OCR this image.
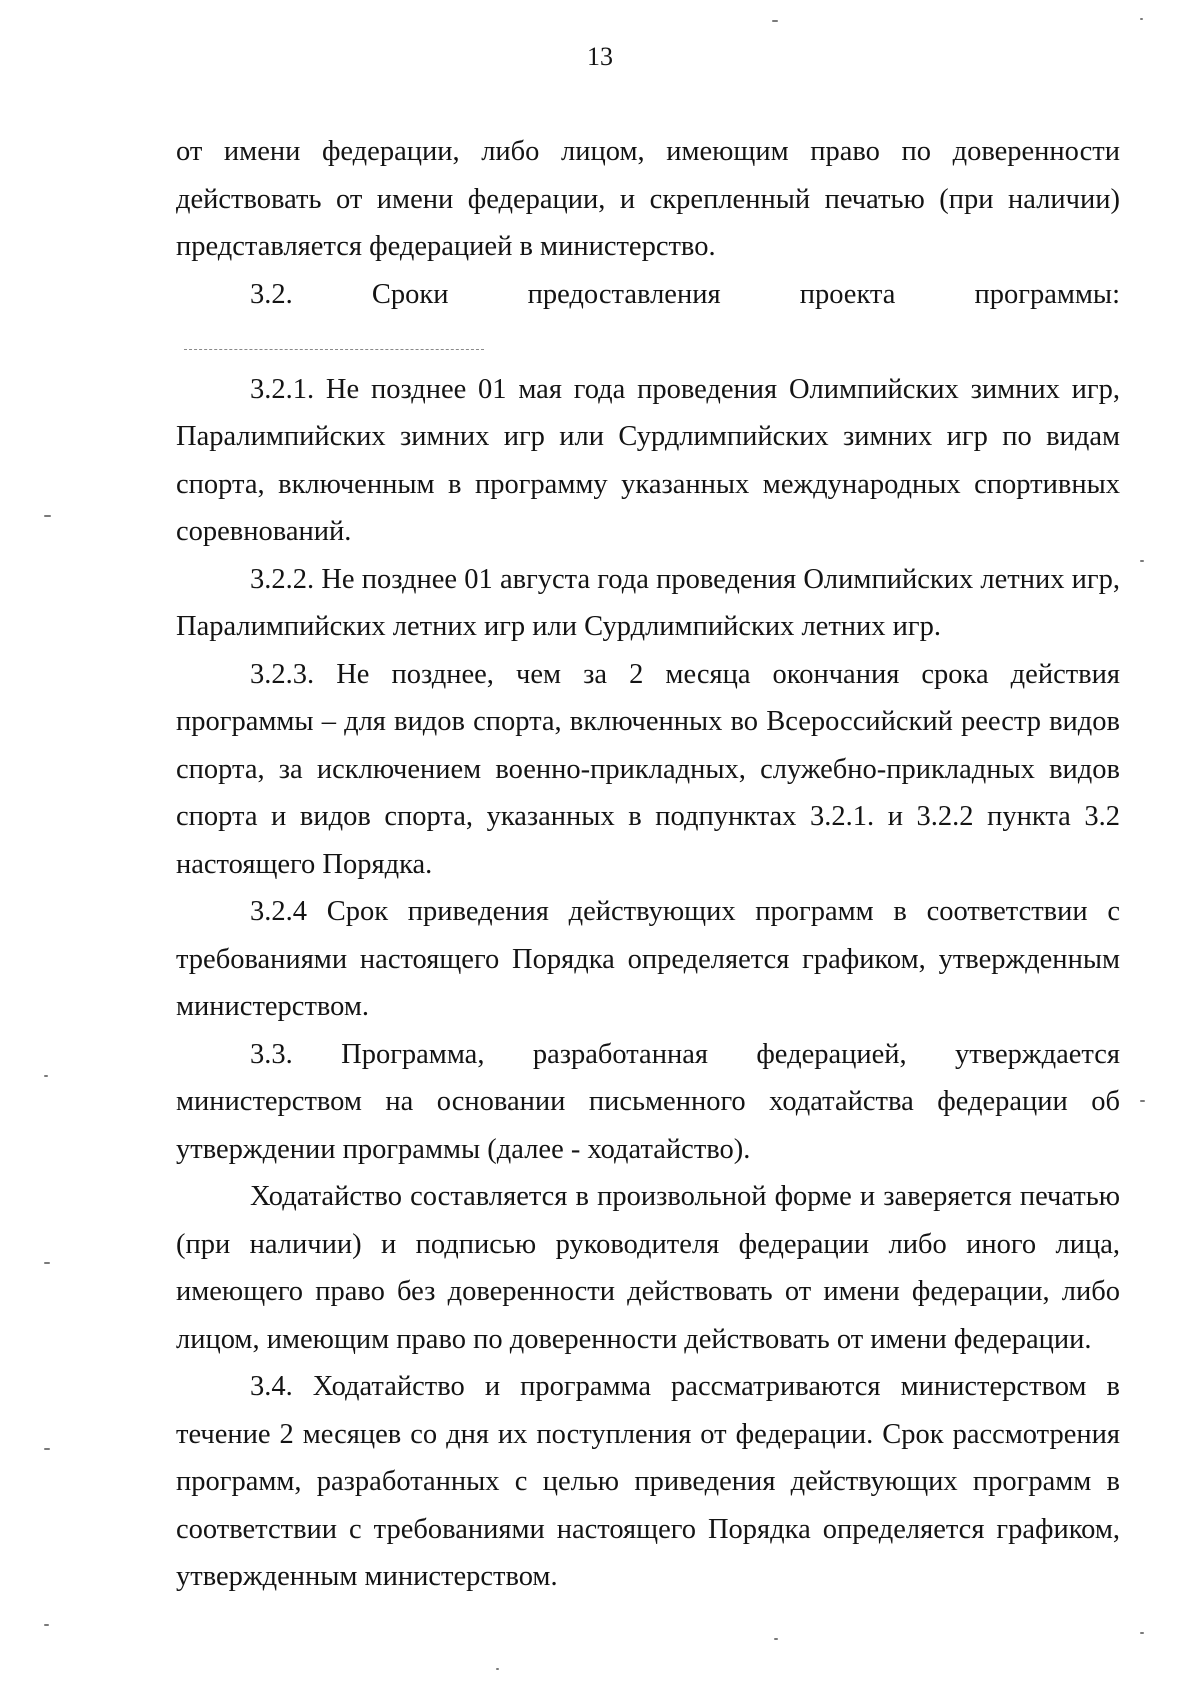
13

от имени федерации, либо лицом, имеющим право по доверенности действовать от имени федерации, и скрепленный печатью (при наличии) представляется федерацией в министерство.

3.2. Сроки предоставления проекта программы:

3.2.1. Не позднее 01 мая года проведения Олимпийских зимних игр, Паралимпийских зимних игр или Сурдлимпийских зимних игр по видам спорта, включенным в программу указанных международных спортивных соревнований.

3.2.2. Не позднее 01 августа года проведения Олимпийских летних игр, Паралимпийских летних игр или Сурдлимпийских летних игр.

3.2.3. Не позднее, чем за 2 месяца окончания срока действия программы – для видов спорта, включенных во Всероссийский реестр видов спорта, за исключением военно-прикладных, служебно-прикладных видов спорта и видов спорта, указанных в подпунктах 3.2.1. и 3.2.2 пункта 3.2 настоящего Порядка.

3.2.4 Срок приведения действующих программ в соответствии с требованиями настоящего Порядка определяется графиком, утвержденным министерством.

3.3. Программа, разработанная федерацией, утверждается министерством на основании письменного ходатайства федерации об утверждении программы (далее - ходатайство).

Ходатайство составляется в произвольной форме и заверяется печатью (при наличии) и подписью руководителя федерации либо иного лица, имеющего право без доверенности действовать от имени федерации, либо лицом, имеющим право по доверенности действовать от имени федерации.

3.4. Ходатайство и программа рассматриваются министерством в течение 2 месяцев со дня их поступления от федерации. Срок рассмотрения программ, разработанных с целью приведения действующих программ в соответствии с требованиями настоящего Порядка определяется графиком, утвержденным министерством.
